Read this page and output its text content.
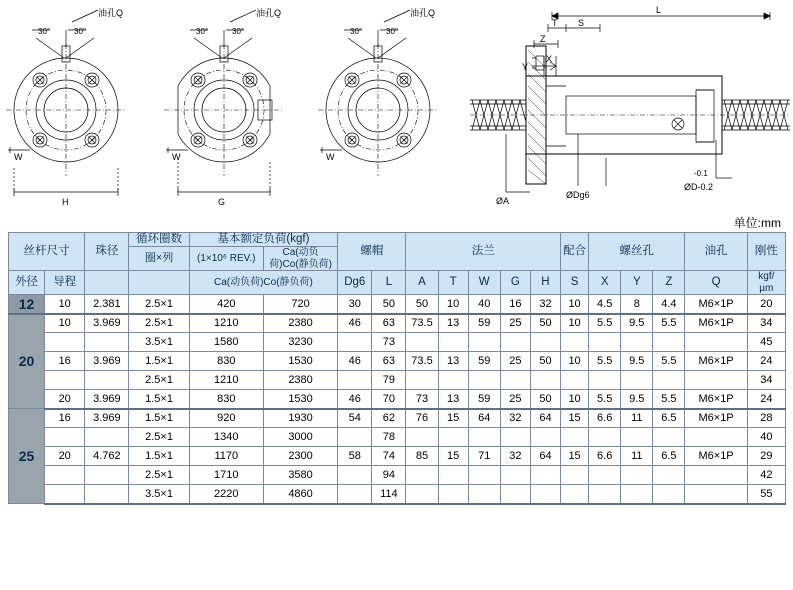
油孔Q
30°	30°
W
H
油孔Q
30°	30°
W
G
油孔Q
30°	30°
W
L
T S
Z
Y
X
ØA
ØDg6
-0.1
ØD-0.2
单位:mm
丝杆尺寸		珠径	循环圈数	基本额定负荷(kgf)		螺帽		法兰					配合	螺丝孔			油孔	刚性
			圈×列	(1×10⁶ REV.)	Ca(动负荷)Co(静负荷)													
外径	导程			Ca(动负荷)Co(静负荷)		Dg6	L	A	T	W	G	H	S	X	Y	Z	Q	kgf/
µm
12	10	2.381	2.5×1	420	720	30	50	50	10	40	16	32	10	4.5	8	4.4	M6×1P	20
20	10	3.969	2.5×1	1210	2380	46	63	73.5	13	59	25	50	10	5.5	9.5	5.5	M6×1P	34
			3.5×1	1580	3230		73											45
	16	3.969	1.5×1	830	1530	46	63	73.5	13	59	25	50	10	5.5	9.5	5.5	M6×1P	24
			2.5×1	1210	2380		79											34
	20	3.969	1.5×1	830	1530	46	70	73	13	59	25	50	10	5.5	9.5	5.5	M6×1P	24
25	16	3.969	1.5×1	920	1930	54	62	76	15	64	32	64	15	6.6	11	6.5	M6×1P	28
			2.5×1	1340	3000		78											40
	20	4.762	1.5×1	1170	2300	58	74	85	15	71	32	64	15	6.6	11	6.5	M6×1P	29
			2.5×1	1710	3580		94											42
			3.5×1	2220	4860		114											55
